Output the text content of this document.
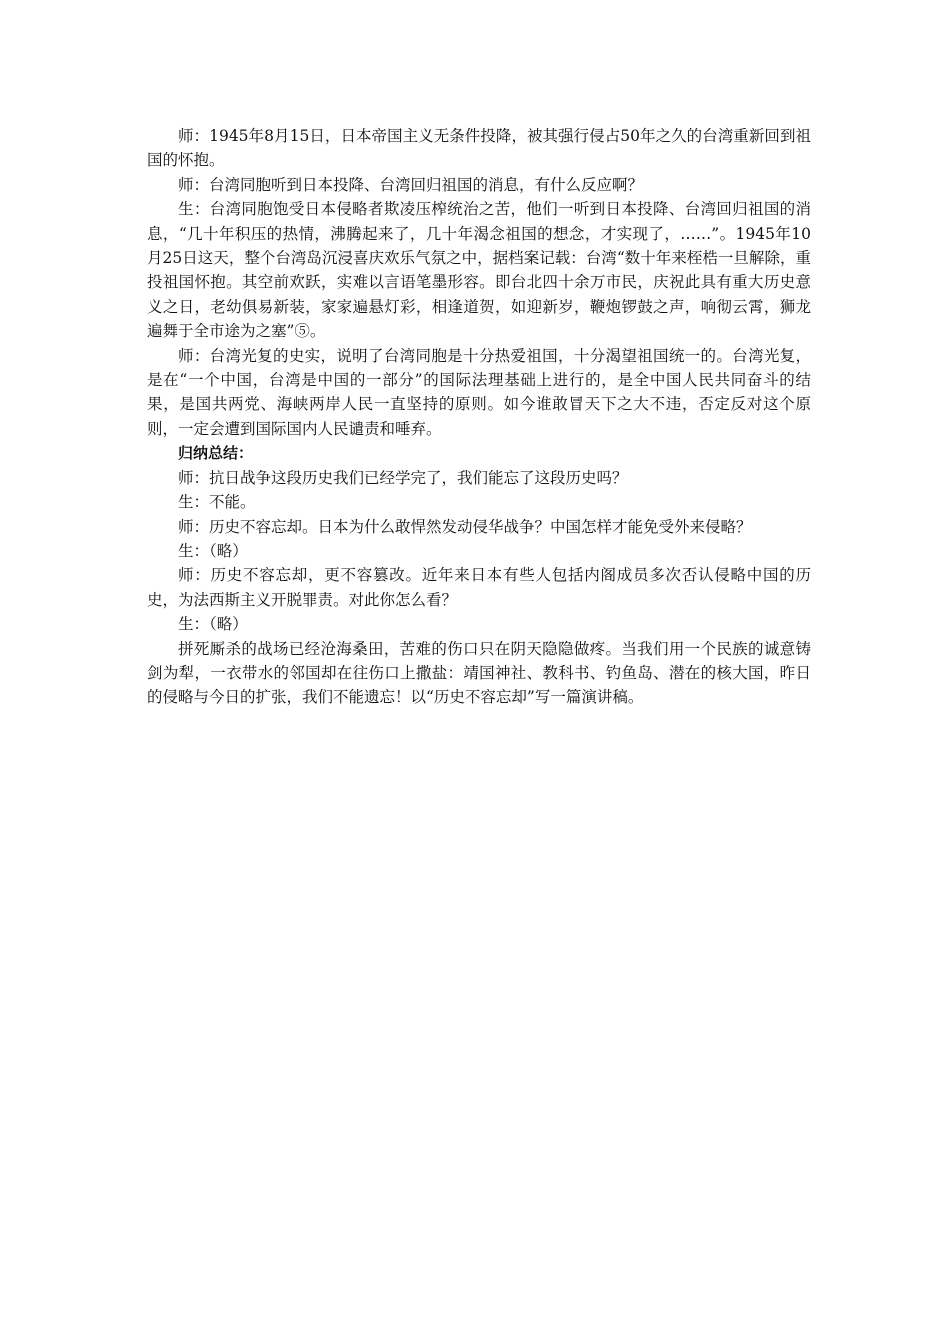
师：1945年8月15日，日本帝国主义无条件投降，被其强行侵占50年之久的台湾重新回到祖国的怀抱。

师：台湾同胞听到日本投降、台湾回归祖国的消息，有什么反应啊？

生：台湾同胞饱受日本侵略者欺凌压榨统治之苦，他们一听到日本投降、台湾回归祖国的消息，“几十年积压的热情，沸腾起来了，几十年渴念祖国的想念，才实现了，……”。1945年10月25日这天，整个台湾岛沉浸喜庆欢乐气氛之中，据档案记载：台湾“数十年来桎梏一旦解除，重投祖国怀抱。其空前欢跃，实难以言语笔墨形容。即台北四十余万市民，庆祝此具有重大历史意义之日，老幼俱易新装，家家遍悬灯彩，相逢道贺，如迎新岁，鞭炮锣鼓之声，响彻云霄，狮龙遍舞于全市途为之塞”⑤。

师：台湾光复的史实，说明了台湾同胞是十分热爱祖国，十分渴望祖国统一的。台湾光复，是在“一个中国，台湾是中国的一部分”的国际法理基础上进行的，是全中国人民共同奋斗的结果，是国共两党、海峡两岸人民一直坚持的原则。如今谁敢冒天下之大不违，否定反对这个原则，一定会遭到国际国内人民谴责和唾弃。

归纳总结：

师：抗日战争这段历史我们已经学完了，我们能忘了这段历史吗？

生：不能。

师：历史不容忘却。日本为什么敢悍然发动侵华战争？中国怎样才能免受外来侵略？

生：（略）

师：历史不容忘却，更不容篡改。近年来日本有些人包括内阁成员多次否认侵略中国的历史，为法西斯主义开脱罪责。对此你怎么看？

生：（略）

拼死厮杀的战场已经沧海桑田，苦难的伤口只在阴天隐隐做疼。当我们用一个民族的诚意铸剑为犁，一衣带水的邻国却在往伤口上撒盐：靖国神社、教科书、钓鱼岛、潜在的核大国，昨日的侵略与今日的扩张，我们不能遗忘！以“历史不容忘却”写一篇演讲稿。
